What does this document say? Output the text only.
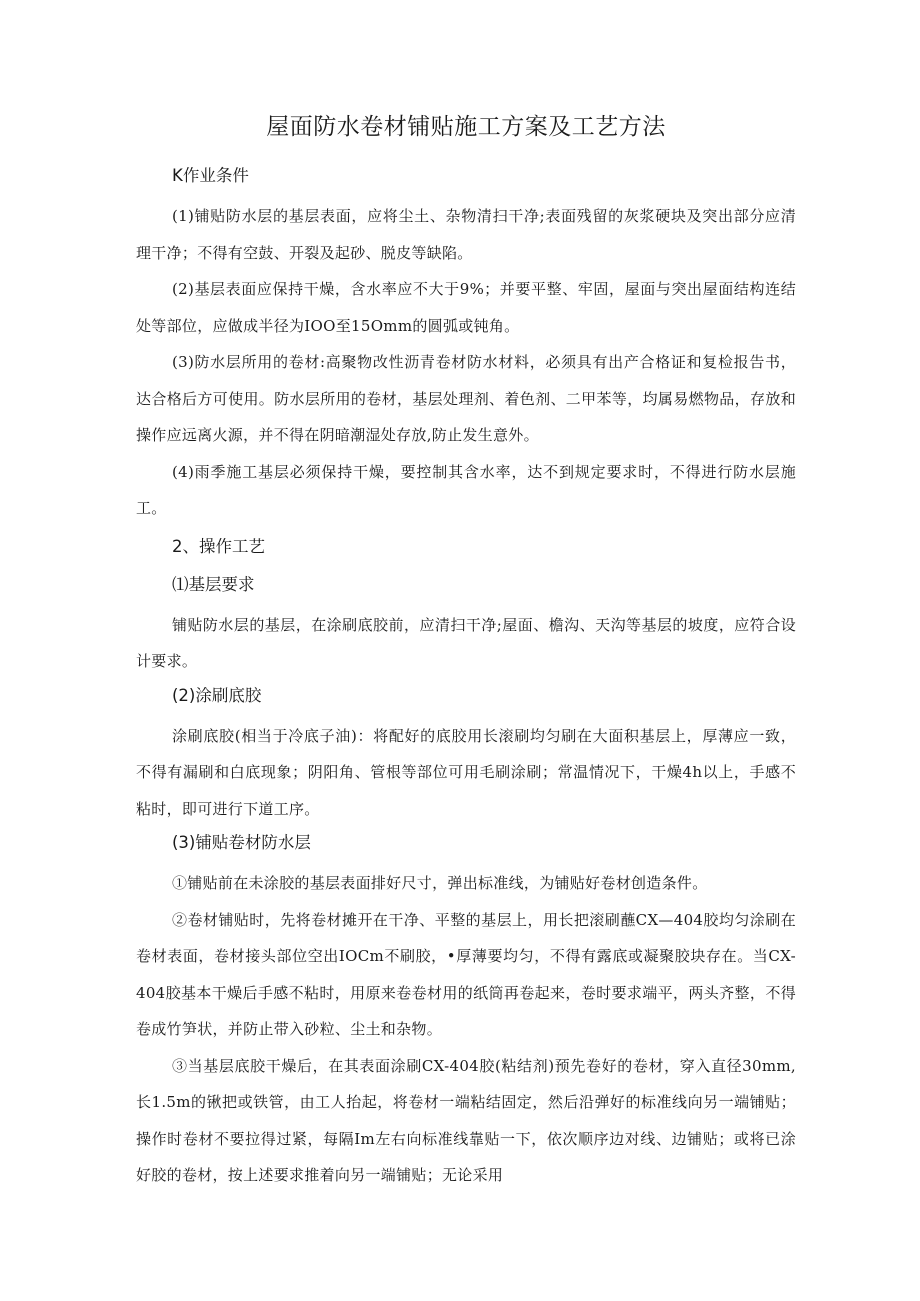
屋面防水卷材铺贴施工方案及工艺方法
K作业条件

(1)铺贴防水层的基层表面，应将尘土、杂物清扫干净;表面残留的灰浆硬块及突出部分应清理干净；不得有空鼓、开裂及起砂、脱皮等缺陷。

(2)基层表面应保持干燥，含水率应不大于9%；并要平整、牢固，屋面与突出屋面结构连结处等部位，应做成半径为IOO至15Omm的圆弧或钝角。

(3)防水层所用的卷材:高聚物改性沥青卷材防水材料，必须具有出产合格证和复检报告书，达合格后方可使用。防水层所用的卷材，基层处理剂、着色剂、二甲苯等，均属易燃物品，存放和操作应远离火源，并不得在阴暗潮湿处存放,防止发生意外。

(4)雨季施工基层必须保持干燥，要控制其含水率，达不到规定要求时，不得进行防水层施工。

2、操作工艺
⑴基层要求

铺贴防水层的基层，在涂刷底胶前，应清扫干净;屋面、檐沟、天沟等基层的坡度，应符合设计要求。

(2)涂刷底胶

涂刷底胶(相当于冷底子油)：将配好的底胶用长滚刷均匀刷在大面积基层上，厚薄应一致，不得有漏刷和白底现象；阴阳角、管根等部位可用毛刷涂刷；常温情况下，干燥4h以上，手感不粘时，即可进行下道工序。

(3)铺贴卷材防水层

①铺贴前在未涂胶的基层表面排好尺寸，弹出标准线，为铺贴好卷材创造条件。

②卷材铺贴时，先将卷材摊开在干净、平整的基层上，用长把滚刷蘸CX—404胶均匀涂刷在卷材表面，卷材接头部位空出IOCm不刷胶，•厚薄要均匀，不得有露底或凝聚胶块存在。当CX-404胶基本干燥后手感不粘时，用原来卷卷材用的纸筒再卷起来，卷时要求端平，两头齐整，不得卷成竹笋状，并防止带入砂粒、尘土和杂物。

③当基层底胶干燥后，在其表面涂刷CX-404胶(粘结剂)预先卷好的卷材，穿入直径30mm,长1.5m的锹把或铁管，由工人抬起，将卷材一端粘结固定，然后沿弹好的标准线向另一端铺贴；操作时卷材不要拉得过紧，每隔Im左右向标准线靠贴一下，依次顺序边对线、边铺贴；或将已涂好胶的卷材，按上述要求推着向另一端铺贴；无论采用
